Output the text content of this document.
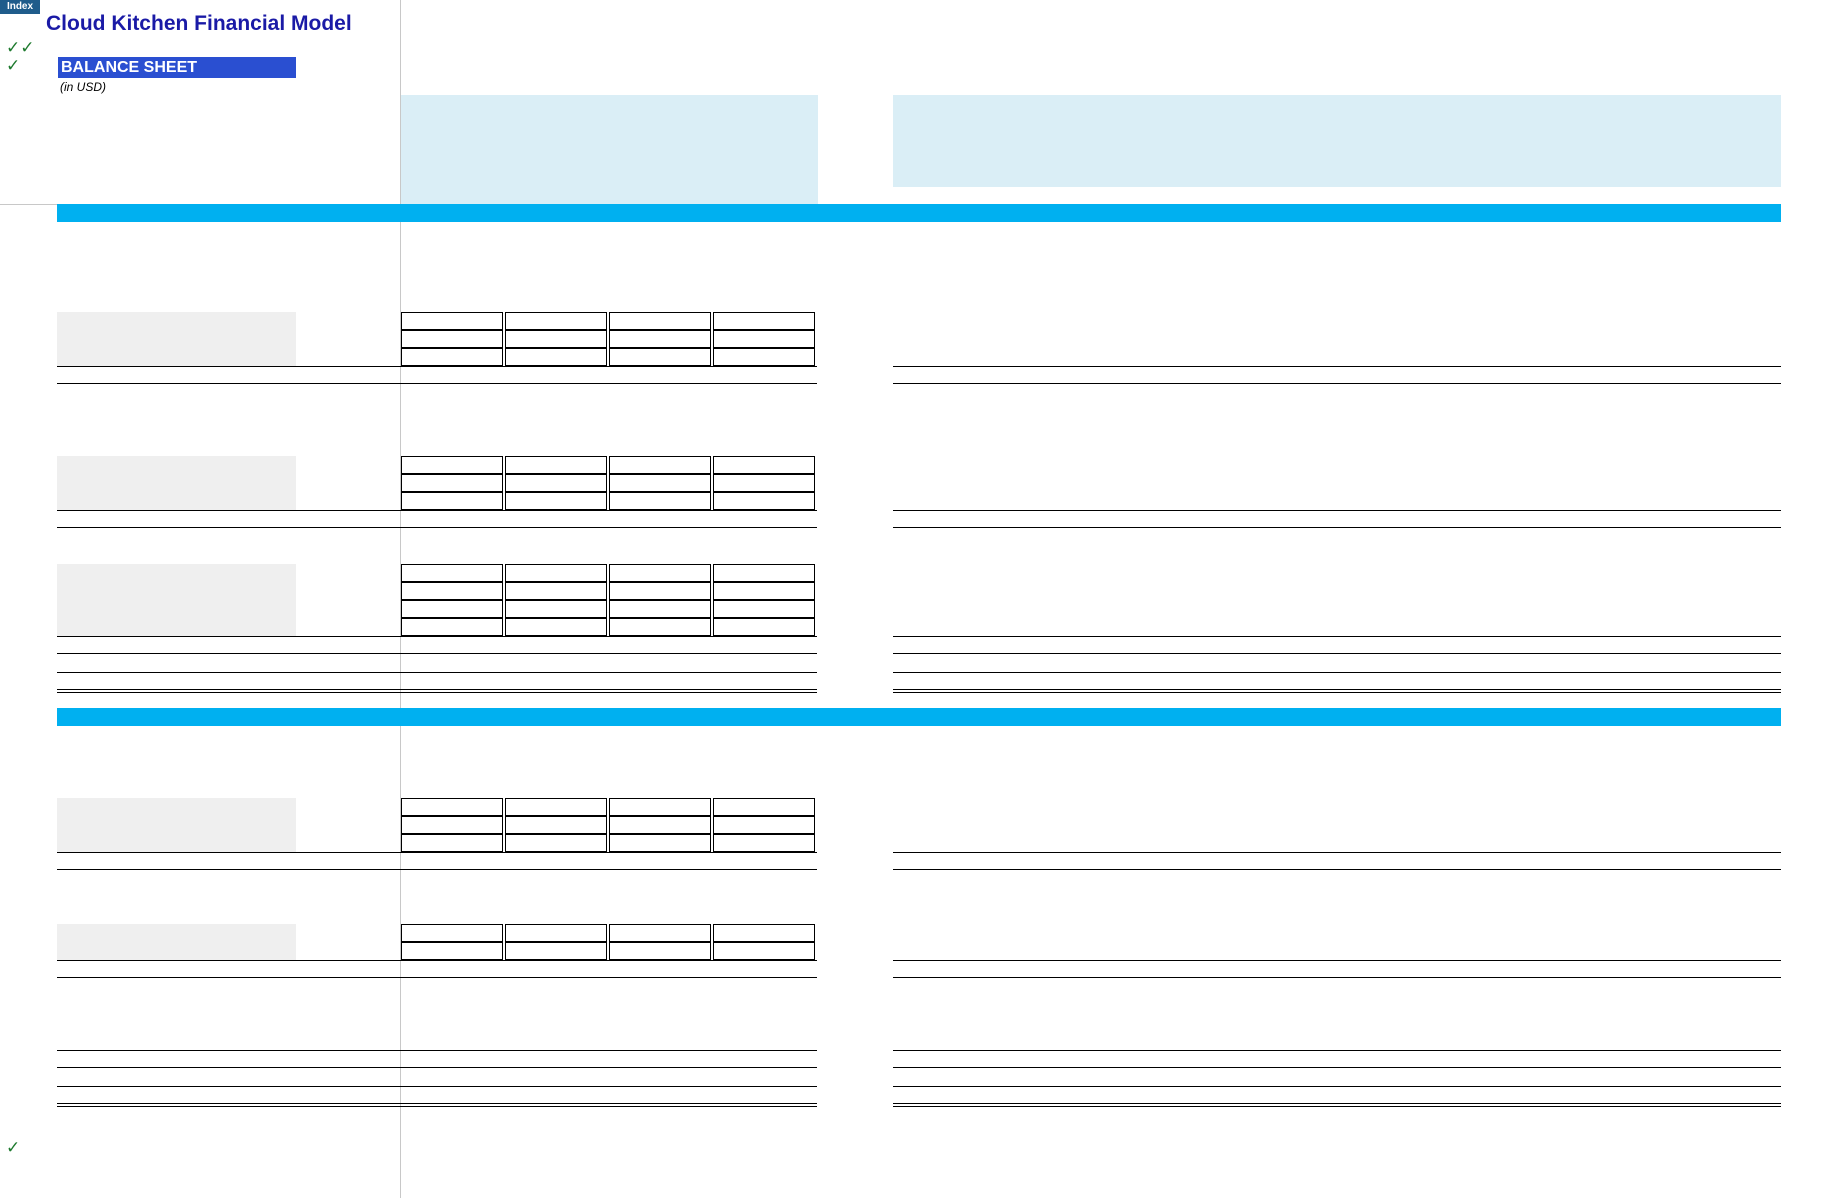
Index
Cloud Kitchen Financial Model
✓✓
✓
✓
BALANCE SHEET
(in USD)
